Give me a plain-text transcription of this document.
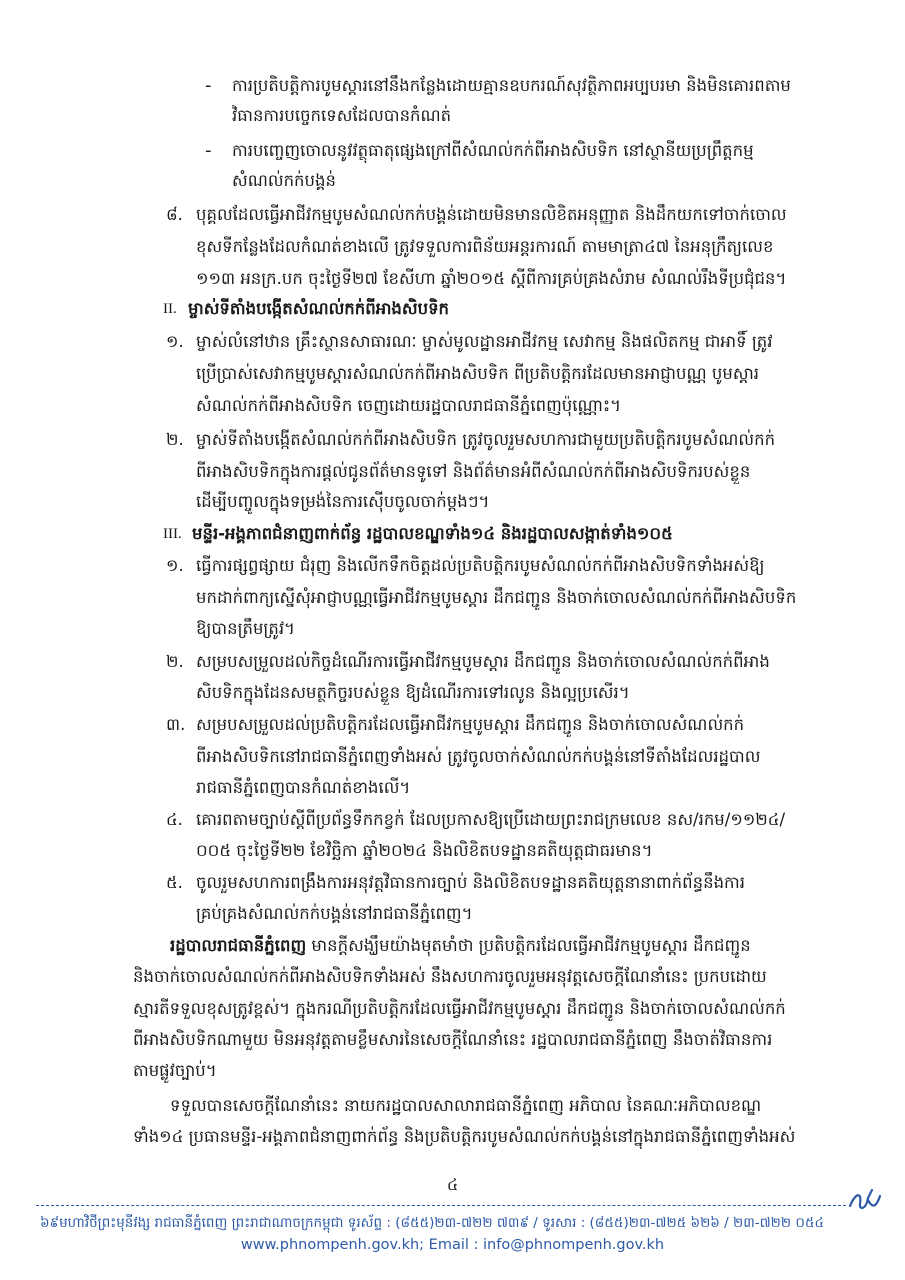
- ការប្រតិបត្តិការបូមស្តារនៅនឹងកន្លែងដោយគ្មានឧបករណ៍សុវត្ថិភាពអប្បបរមា និងមិនគោរពតាម
វិធានការបច្ចេកទេសដែលបានកំណត់
- ការបញ្ចេញចោលនូវវត្ថុធាតុផ្សេងក្រៅពីសំណល់កក់ពីអាងសិបទិក នៅស្ថានីយប្រព្រឹត្តកម្ម
សំណល់កក់បង្គន់
៨. បុគ្គលដែលធ្វើអាជីវកម្មបូមសំណល់កក់បង្គន់ដោយមិនមានលិខិតអនុញ្ញាត និងដឹកយកទៅចាក់ចោល
ខុសទីកន្លែងដែលកំណត់ខាងលើ ត្រូវទទួលការពិន័យអន្តរការណ៍ តាមមាត្រា៤៧ នៃអនុក្រឹត្យលេខ
១១៣ អនក្រ.បក ចុះថ្ងៃទី២៧ ខែសីហា ឆ្នាំ២០១៥ ស្តីពីការគ្រប់គ្រងសំរាម សំណល់រឹងទីប្រជុំជន។
II. ម្ចាស់ទីតាំងបង្កើតសំណល់កក់ពីអាងសិបទិក
១. ម្ចាស់លំនៅឋាន គ្រឹះស្ថានសាធារណៈ ម្ចាស់មូលដ្ឋានអាជីវកម្ម សេវាកម្ម និងផលិតកម្ម ជាអាទិ៍ ត្រូវ
ប្រើប្រាស់សេវាកម្មបូមស្តារសំណល់កក់ពីអាងសិបទិក ពីប្រតិបត្តិករដែលមានអាជ្ញាបណ្ណ បូមស្តារ
សំណល់កក់ពីអាងសិបទិក ចេញដោយរដ្ឋបាលរាជធានីភ្នំពេញប៉ុណ្ណោះ។
២. ម្ចាស់ទីតាំងបង្កើតសំណល់កក់ពីអាងសិបទិក ត្រូវចូលរួមសហការជាមួយប្រតិបត្តិករបូមសំណល់កក់
ពីអាងសិបទិកក្នុងការផ្តល់ជូនព័ត៌មានទូទៅ និងព័ត៌មានអំពីសំណល់កក់ពីអាងសិបទិករបស់ខ្លួន
ដើម្បីបញ្ចូលក្នុងទម្រង់នៃការស៊ើបចូលចាក់ម្តងៗ។
III. មន្ទីរ-អង្គភាពជំនាញពាក់ព័ន្ធ រដ្ឋបាលខណ្ឌទាំង១៤ និងរដ្ឋបាលសង្កាត់ទាំង១០៥
១. ធ្វើការផ្សព្វផ្សាយ ជំរុញ និងលើកទឹកចិត្តដល់ប្រតិបត្តិករបូមសំណល់កក់ពីអាងសិបទិកទាំងអស់ឱ្យ
មកដាក់ពាក្យស្នើសុំអាជ្ញាបណ្ណធ្វើអាជីវកម្មបូមស្តារ ដឹកជញ្ជូន និងចាក់ចោលសំណល់កក់ពីអាងសិបទិក
ឱ្យបានត្រឹមត្រូវ។
២. សម្របសម្រួលដល់កិច្ចដំណើរការធ្វើអាជីវកម្មបូមស្តារ ដឹកជញ្ជូន និងចាក់ចោលសំណល់កក់ពីអាង
សិបទិកក្នុងដែនសមត្ថកិច្ចរបស់ខ្លួន ឱ្យដំណើរការទៅរលូន និងល្អប្រសើរ។
៣. សម្របសម្រួលដល់ប្រតិបត្តិករដែលធ្វើអាជីវកម្មបូមស្តារ ដឹកជញ្ជូន និងចាក់ចោលសំណល់កក់
ពីអាងសិបទិកនៅរាជធានីភ្នំពេញទាំងអស់ ត្រូវចូលចាក់សំណល់កក់បង្គន់នៅទីតាំងដែលរដ្ឋបាល
រាជធានីភ្នំពេញបានកំណត់ខាងលើ។
៤. គោរពតាមច្បាប់ស្តីពីប្រព័ន្ធទឹកកខ្វក់ ដែលប្រកាសឱ្យប្រើដោយព្រះរាជក្រមលេខ នស/រកម/១១២៤/
០០៥ ចុះថ្ងៃទី២២ ខែវិច្ឆិកា ឆ្នាំ២០២៤ និងលិខិតបទដ្ឋានគតិយុត្តជាធរមាន។
៥. ចូលរួមសហការពង្រឹងការអនុវត្តវិធានការច្បាប់ និងលិខិតបទដ្ឋានគតិយុត្តនានាពាក់ព័ន្ធនឹងការ
គ្រប់គ្រងសំណល់កក់បង្គន់នៅរាជធានីភ្នំពេញ។
រដ្ឋបាលរាជធានីភ្នំពេញ មានក្តីសង្ឃឹមយ៉ាងមុតមាំថា ប្រតិបត្តិករដែលធ្វើអាជីវកម្មបូមស្តារ ដឹកជញ្ជូន
និងចាក់ចោលសំណល់កក់ពីអាងសិបទិកទាំងអស់ នឹងសហការចូលរួមអនុវត្តសេចក្តីណែនាំនេះ ប្រកបដោយ
ស្មារតីទទួលខុសត្រូវខ្ពស់។ ក្នុងករណីប្រតិបត្តិករដែលធ្វើអាជីវកម្មបូមស្តារ ដឹកជញ្ជូន និងចាក់ចោលសំណល់កក់
ពីអាងសិបទិកណាមួយ មិនអនុវត្តតាមខ្លឹមសារនៃសេចក្តីណែនាំនេះ រដ្ឋបាលរាជធានីភ្នំពេញ នឹងចាត់វិធានការ
តាមផ្លូវច្បាប់។
ទទួលបានសេចក្តីណែនាំនេះ នាយករដ្ឋបាលសាលារាជធានីភ្នំពេញ អភិបាល នៃគណៈអភិបាលខណ្ឌ
ទាំង១៤ ប្រធានមន្ទីរ-អង្គភាពជំនាញពាក់ព័ន្ធ និងប្រតិបត្តិករបូមសំណល់កក់បង្គន់នៅក្នុងរាជធានីភ្នំពេញទាំងអស់
៤
៦៩មហាវិថីព្រះមុនីវង្ស រាជធានីភ្នំពេញ ព្រះរាជាណាចក្រកម្ពុជា ទូរស័ព្ទ : (៨៥៥)២៣-៧២២ ៧៣៩ / ទូរសារ : (៨៥៥)២៣-៧២៥ ៦២៦ / ២៣-៧២២ ០៥៤
www.phnompenh.gov.kh; Email : info@phnompenh.gov.kh
